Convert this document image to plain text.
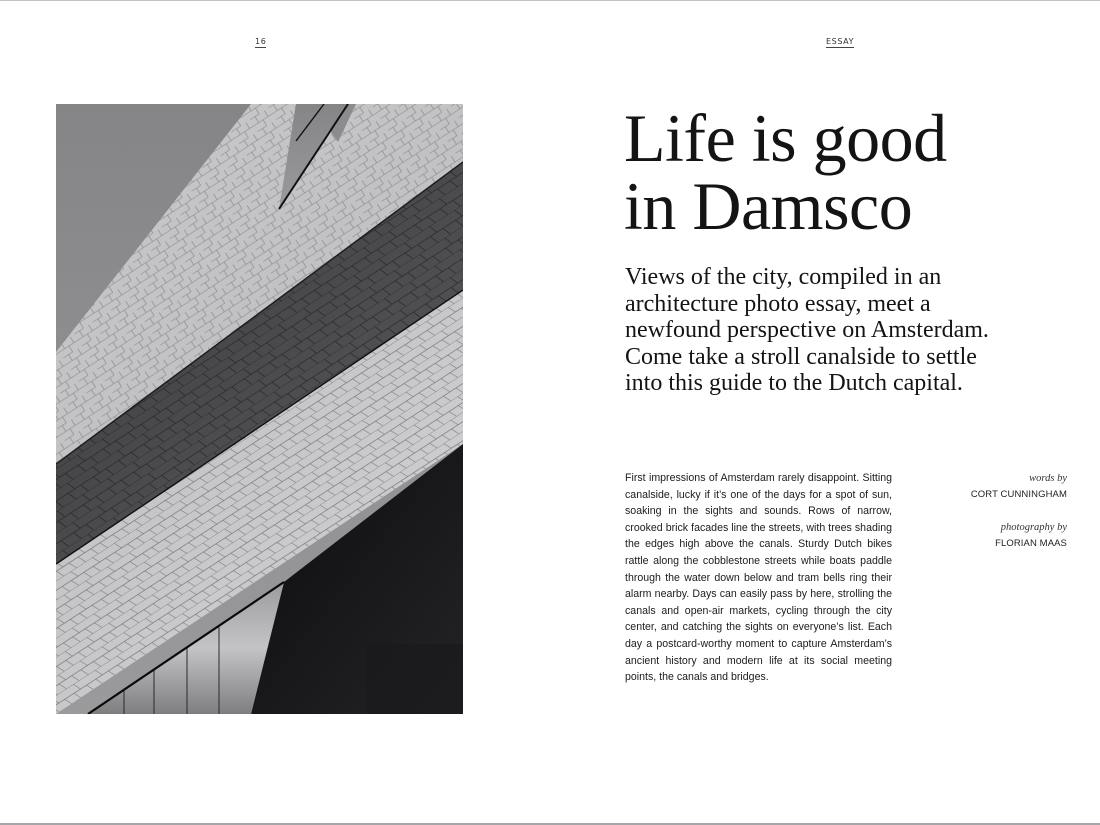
16	ESSAY
Life is good
in Damsco

Views of the city, compiled in an
architecture photo essay, meet a
newfound perspective on Amsterdam.
Come take a stroll canalside to settle
into this guide to the Dutch capital.

First impressions of Amsterdam rarely disappoint. Sitting canalside, lucky if it’s one of the days for a spot of sun, soaking in the sights and sounds. Rows of narrow, crooked brick facades line the streets, with trees shading the edges high above the canals. Sturdy Dutch bikes rattle along the cobblestone streets while boats paddle through the water down below and tram bells ring their alarm nearby. Days can easily pass by here, strolling the canals and open-air markets, cycling through the city center, and catching the sights on everyone’s list. Each day a postcard-worthy moment to capture Amsterdam’s ancient history and modern life at its social meeting points, the canals and bridges.

words by
CORT CUNNINGHAM
photography by
FLORIAN MAAS
